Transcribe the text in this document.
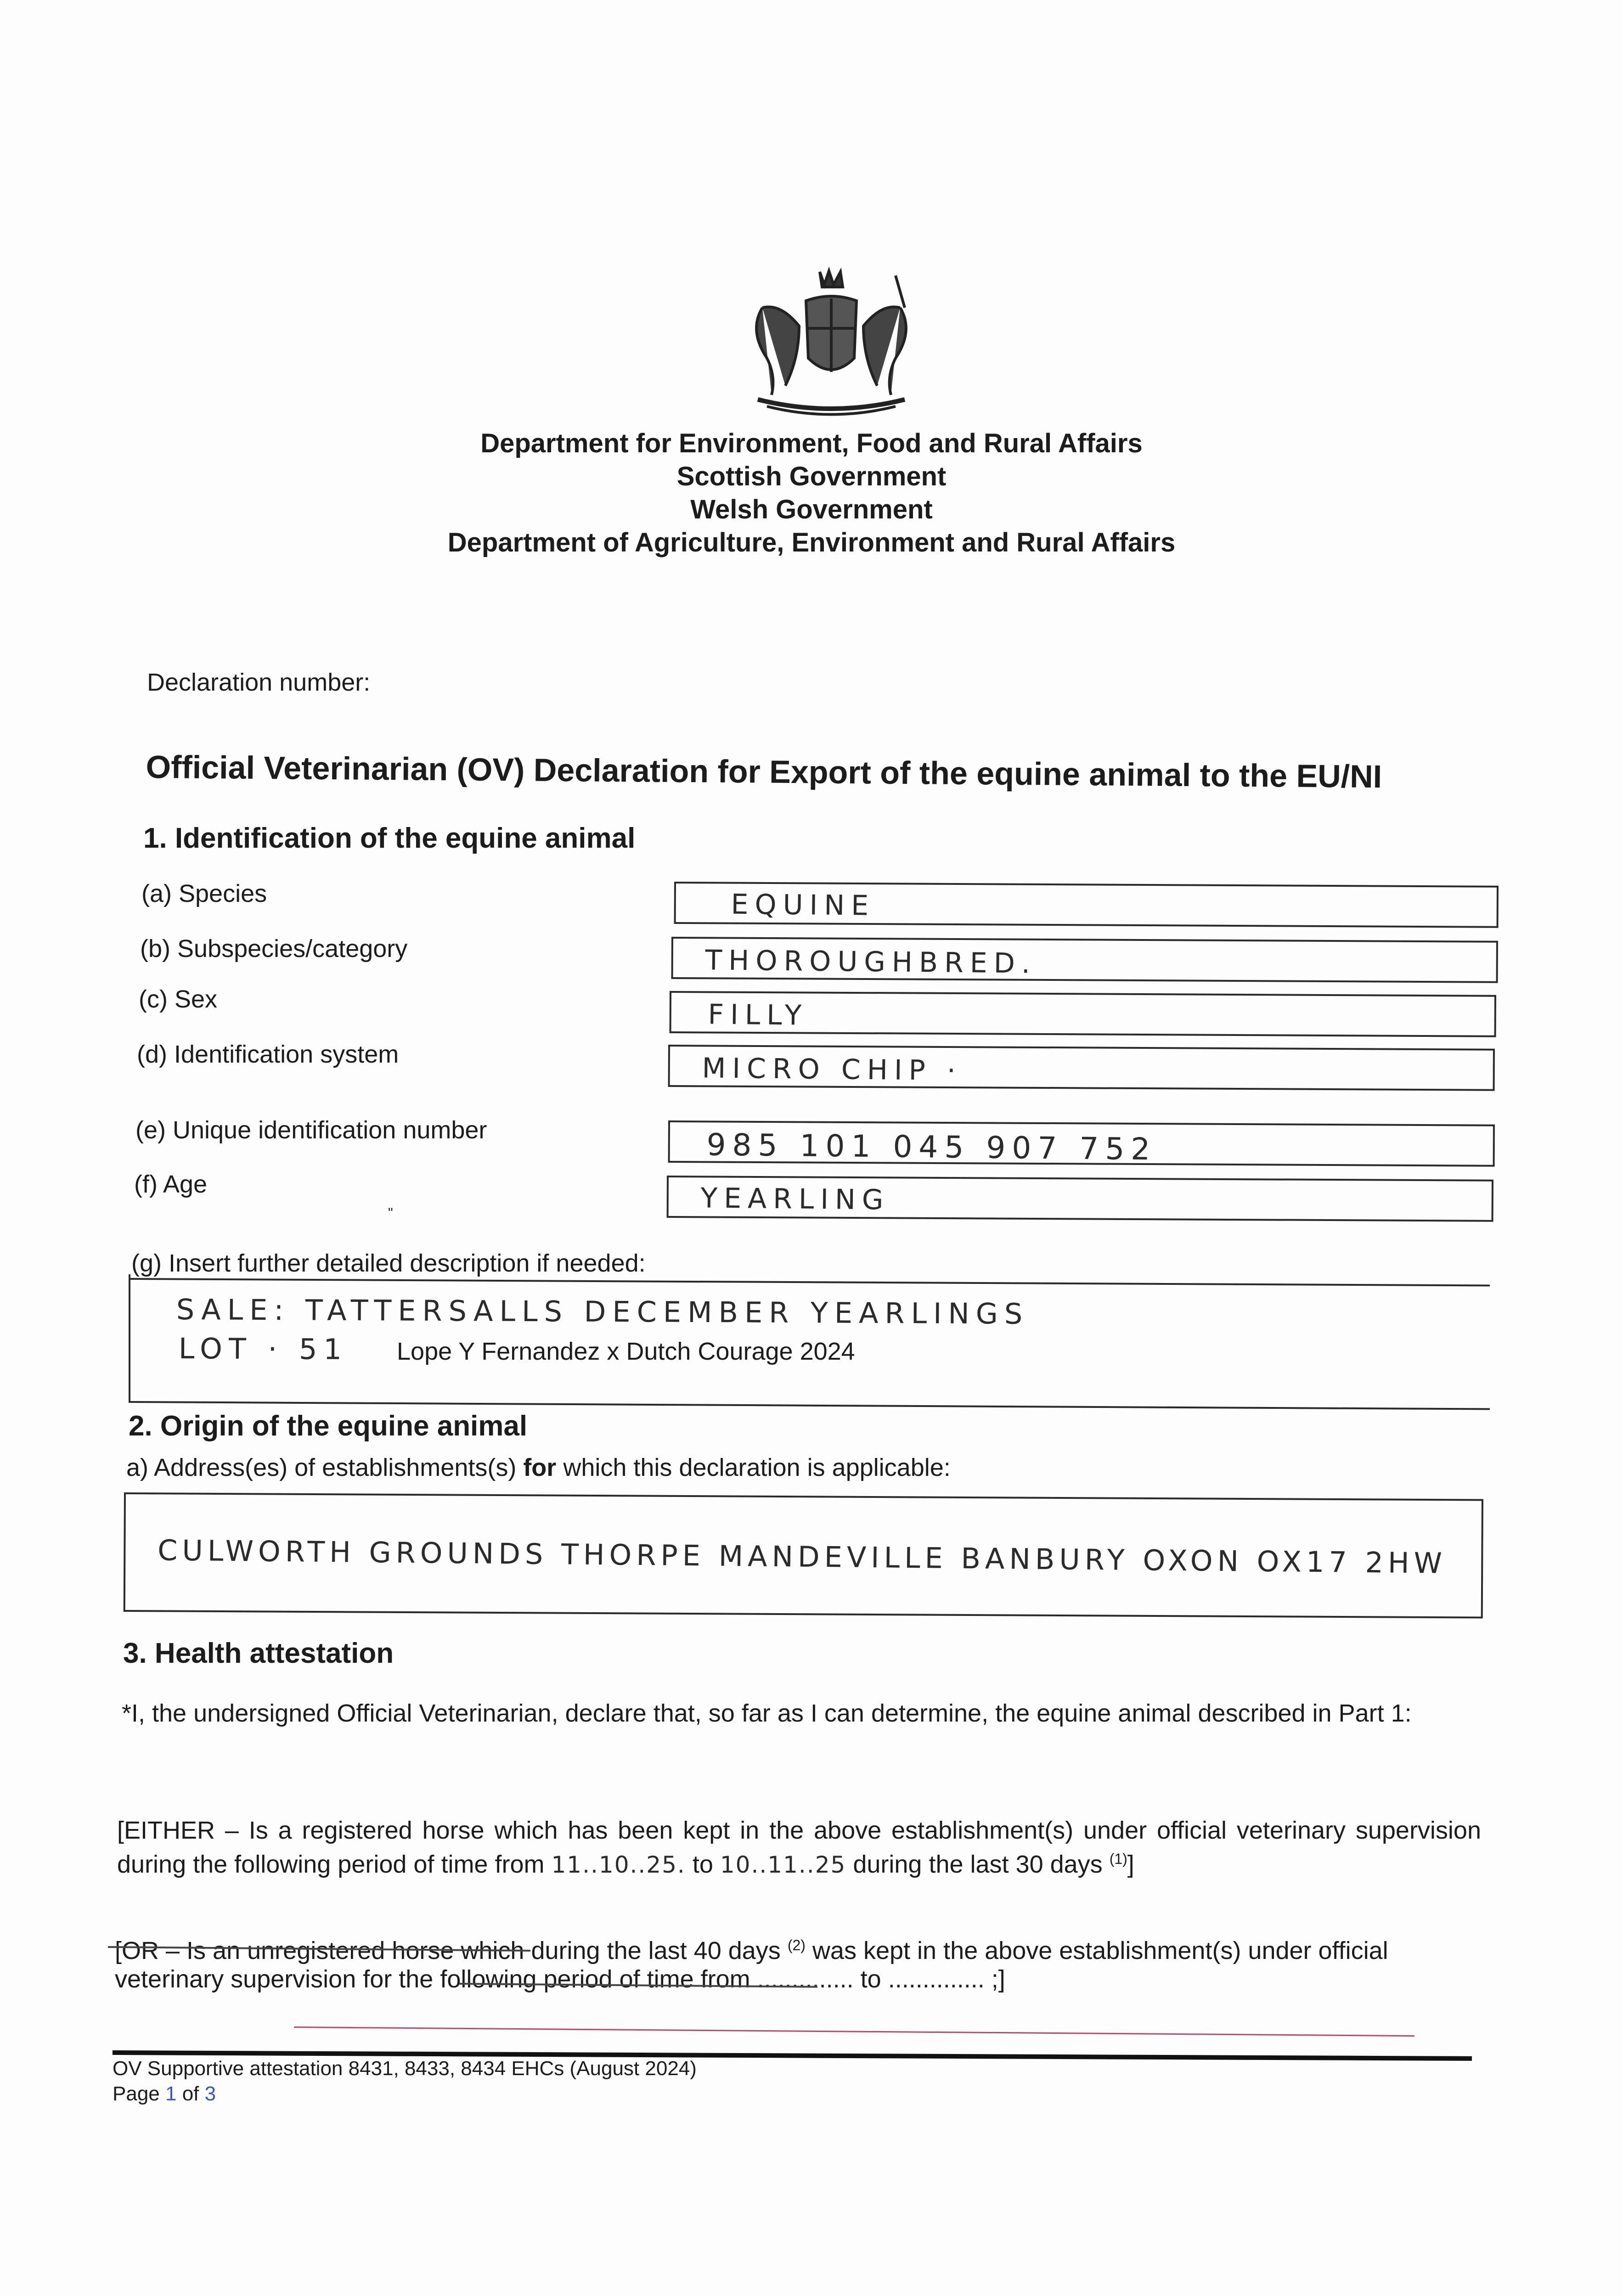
Department for Environment, Food and Rural Affairs
Scottish Government
Welsh Government
Department of Agriculture, Environment and Rural Affairs
Declaration number:
Official Veterinarian (OV) Declaration for Export of the equine animal to the EU/NI
1. Identification of the equine animal
(a) Species
(b) Subspecies/category
(c) Sex
(d) Identification system
(e) Unique identification number
(f) Age
"
EQUINE
THOROUGHBRED.
FILLY
MICRO CHIP ·
985 101 045 907 752
YEARLING
(g) Insert further detailed description if needed:
SALE: TATTERSALLS DECEMBER YEARLINGS
LOT · 51 Lope Y Fernandez x Dutch Courage 2024
2. Origin of the equine animal
a) Address(es) of establishments(s) for which this declaration is applicable:
CULWORTH GROUNDS THORPE MANDEVILLE BANBURY OXON OX17 2HW
3. Health attestation
*I, the undersigned Official Veterinarian, declare that, so far as I can determine, the equine animal described in Part 1:
[EITHER – Is a registered horse which has been kept in the above establishment(s) under official veterinary supervision during the following period of time from 11..10..25. to 10..11..25 during the last 30 days $^{(1)}$]
[OR – Is an unregistered horse which during the last 40 days $^{(2)}$ was kept in the above establishment(s) under official veterinary supervision for the following period of time from .............. to .............. ;]
OV Supportive attestation 8431, 8433, 8434 EHCs (August 2024)
Page 1 of 3
